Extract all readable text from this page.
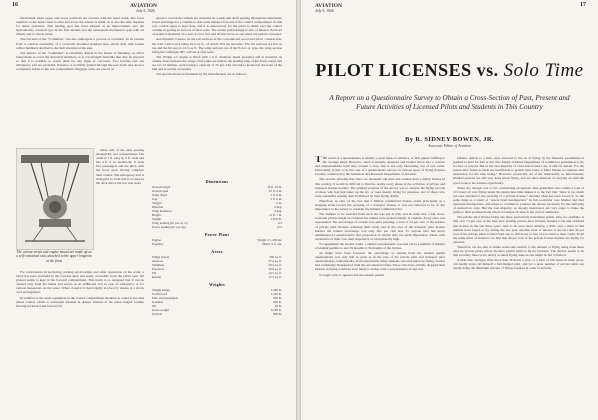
16	AVIATION
July 5, 1926

mechanism when upper and lower positions are reached with the hand crank. The force required on the hand crank to raise and lower the wheels is small, as is also the time required for either operation. This landing gear has been adopted as an improvement over the hydraulically actuated type in the first models and the subsequent mechanical type with air wheels and no shock struts.

The tail skid of the "Commuter" has also undergone a process of evolution. In its present form it consists essentially of a vertically mounted standard Aero shock strut with forked rubber members attached to the hull structure at the step.

The interior of the "Commuter" is extremely simple in the matter of finishing, no effort being made to cover the structural members, so it was thought desirable that they be exposed so that it is possible to watch them for any signs of corrosion. Two hatches and one emergency exit are provided. Entrance is normally gained through the rear hatch and down a companion ladder to the rear compartment. Baggage racks are placed on

The cabane struts and engine mount are made up as a self-contained unit, attached to the upper longeron at the front

either side of the aisle passing through the rear compartment. The cabin is 7 ft. long by 4 ft. wide and has 4 ft. 4 in. headroom. It seats five passengers and the pilot, with the front seats having complete dual control. The emergency exit is triangular in form and is located in the deck above the two rear seats.

For convenience in anchoring, picking up moorings and other operations on the water, a hatch has been provided in the forward deck and easily accessible from the pilot's seat. All ground tackle is kept in the forward compartment. This hatch is so designed that it can be opened only from the inside and serves as an additional exit in case of emergency or for various maneuvers on the water. When closed it is held rigidly in place by means of a shock cord arrangement.

In addition to the usual equipment in the control compartment attention is called to the dual wheel control which is somewhat unusual in design. Instead of the usual hinged column moving backward and forward for

elevator control the wheels are mounted on a push pull shaft passing through the instrument board and hinged to a column or arm some distance forward of the control compartment. In this way control space is kept clear, and it is unnecessary for the pilots to climb over the control column in getting in and out of their seats. The rudder pedal design is also of interest. Each set of pedals is mounted on a pair of rows fore and aft that move as one when the pedal is actuated.

Aerodynamic balance on the tail surfaces of the conventional wood and fabric construction, the total control area being 45.2 sq. ft., of which 20.9 are movable. The tail surfaces are flat on top and the fin area is 12.5 sq. ft. The wing surfaces are of the N.A.C.A. type, the wing section being the Göttingen 387, arrived at after tests.

The Wright J-5 engine is fitted with a 9 ft. diameter metal propeller and is mounted on cabane struts between the wings. Fuel tanks are built in the leading edge of the lower wings and are two in number, each having a capacity of 35 gal. The oil tank is located in the front of the hull and is readily accessible.

The specifications as furnished by the manufacturer are as follows:

Dimensions
Overall length	33 ft. 10 in.
Overall span	35 ft. 6 in.
Wing chord	5 ft. 6 in.
Gap	5 ft. 6 in.
Stagger	0 in.
Dihedral	2 deg.
Wing incidence	3 deg.
Height	12 ft. 7 in.
Weight	1,870 lb.
Wing loading (lb. per sq. ft.)	9.3
Power loading (lb. per hp.)	12.5
Power Plant
Engine	Wright J-5, 200 hp.
Propeller	Metal, 9 ft. dia.
Areas
Wings (total)	350 sq. ft.
Ailerons	37.4 sq. ft.
Stabilizer	23.4 sq. ft.
Elevators	20.9 sq. ft.
Fin	12.5 sq. ft.
Rudder	12.3 sq. ft.
Weights
Weight empty	2,280 lb.
Useful load	1,420 lb.
Pilot and passengers	850 lb.
Gasoline	420 lb.
Oil	60 lb.
Gross weight	3,700 lb.
Payload	850 lb.
AVIATION
July 5, 1926
17
PILOT LICENSES vs. Solo Time
A Report on a Questionnaire Survey to Obtain a Cross-Section of Past, Present and Future Activities of Licensed Pilots and Students in This Country
By R. SIDNEY BOWEN, JR.
Associate Editor of Aviation

THE result of a questionnaire is usually a great mass of statistics, or first glance baffling to the average mind. However, when eventually analyzed and broken down into a concise and understandable form they present a story that is not only interesting, but of real value. Particularly is that so in the case of a questionnaire survey on various types of flying licenses recently conducted by the Statistical and Research Department of Aviation.

The records showing that since we thousand odd men and women hold a flying license in this country, it would be difficult to find the reality every phase of the activities of private and transport license holders. The primary purpose of the survey was to analyze the flying records of those who had just taken up the art, or were merely flying for pleasure, and of those who were ostensibly earning their livelihood by their flying ability.

Therefore, in view of the fact that a limited commercial license exists principally as a stepping stone toward the securing of a transport license, it was not believed to be of any importance to the survey to consider the limited commercial list.

The number to be selected from each list was put at 250, and in order that a fair cross-sectional picture might be obtained the names were picked entirely at random. Every state was represented. The percentage of returns was quite pleasing, a total of 54 per cent of the holders of private pilot licenses returning their cards, and in the case of the transport pilot license holders the returns percentage was only five per cent less. To anyone who has never administered a questionnaire that proportion of returns may not seem impressive. Those with experience of their own mail response it as exceptionally high.

To supplement the license return, a similar questionnaire was sent out to a number of holders of student permits to and 19 months to 34 months of the license.

As might have been foreseen, the percentage of returns from the student permit questionnaire was only half as great as in the case of the private pilot and transport pilot questionnaires. Undoubtedly, in the meanwhile many students who had taken up flying courses had completely disappeared from the aeronautical ranks. Those who have entirely dropped their interest in flying would be least likely to bother with a questionnaire of any sort.

To begin with, it appears that the student permit

holders, almost to a man, were attracted to the art of flying by the financial possibilities it seemed to hold for him or her who finally obtained Department of Commerce permission to fly for hire or reward. But in the vast majority of cases that holder's day is still far distant. For the reason that "funds so flush are insufficient to permit John Jones or Mary Dugan to continue with instruction for the time being." However, practically all of the temporarily so unfortunately situated persons are still very keen about flying, and are most desirous of carrying on with the good work at the earliest opportunity.

There are, though, one or two outstanding exceptions. One gentleman who claims a total of 113 hours of solo flying under his instruction time makes it to the fact that "there is too much red tape attached to the securing of a private license." Another chap has been forced to do the same thing as a result of "orders from headquarters." In this particular case Mother and Dad represent headquarters, and refuse to continue to produce the money necessary for the defraying of instruction costs. But the vast majority, as already mentioned, are very eager to make the grade to their promised land where a transport license is the card of admission.

The private pilot license being one more particularly interesting points. One, for example, is that over 74 per cent of the men now holding private pilot licenses learned to fly and obtained that license in the last three years. And to be even more striking, a little over a third of that number have begun to fly during the last year. Another item of interest is the fact that 40 per cent of the private pilots totaled from one to 100 hours or less of solo time to their credit. From the same mass of statistics we find that 40 per cent of the private license holders are flying for pleasure.

Therefore, we are able to obtain some idea relative to the amount of flying being done these days by private pilots whose incomes permit them to fly for pleasure. The answer seems to be that in reality there is not nearly as much flying done as one might be led to believe.

A man who averages little more than 30 hours a year, or a total of 100 hours in three years, can hardly even call himself a full-fledged pilot, and yet a great number of private pilots are barely doing the minimum amount of flying required in order to hold the
